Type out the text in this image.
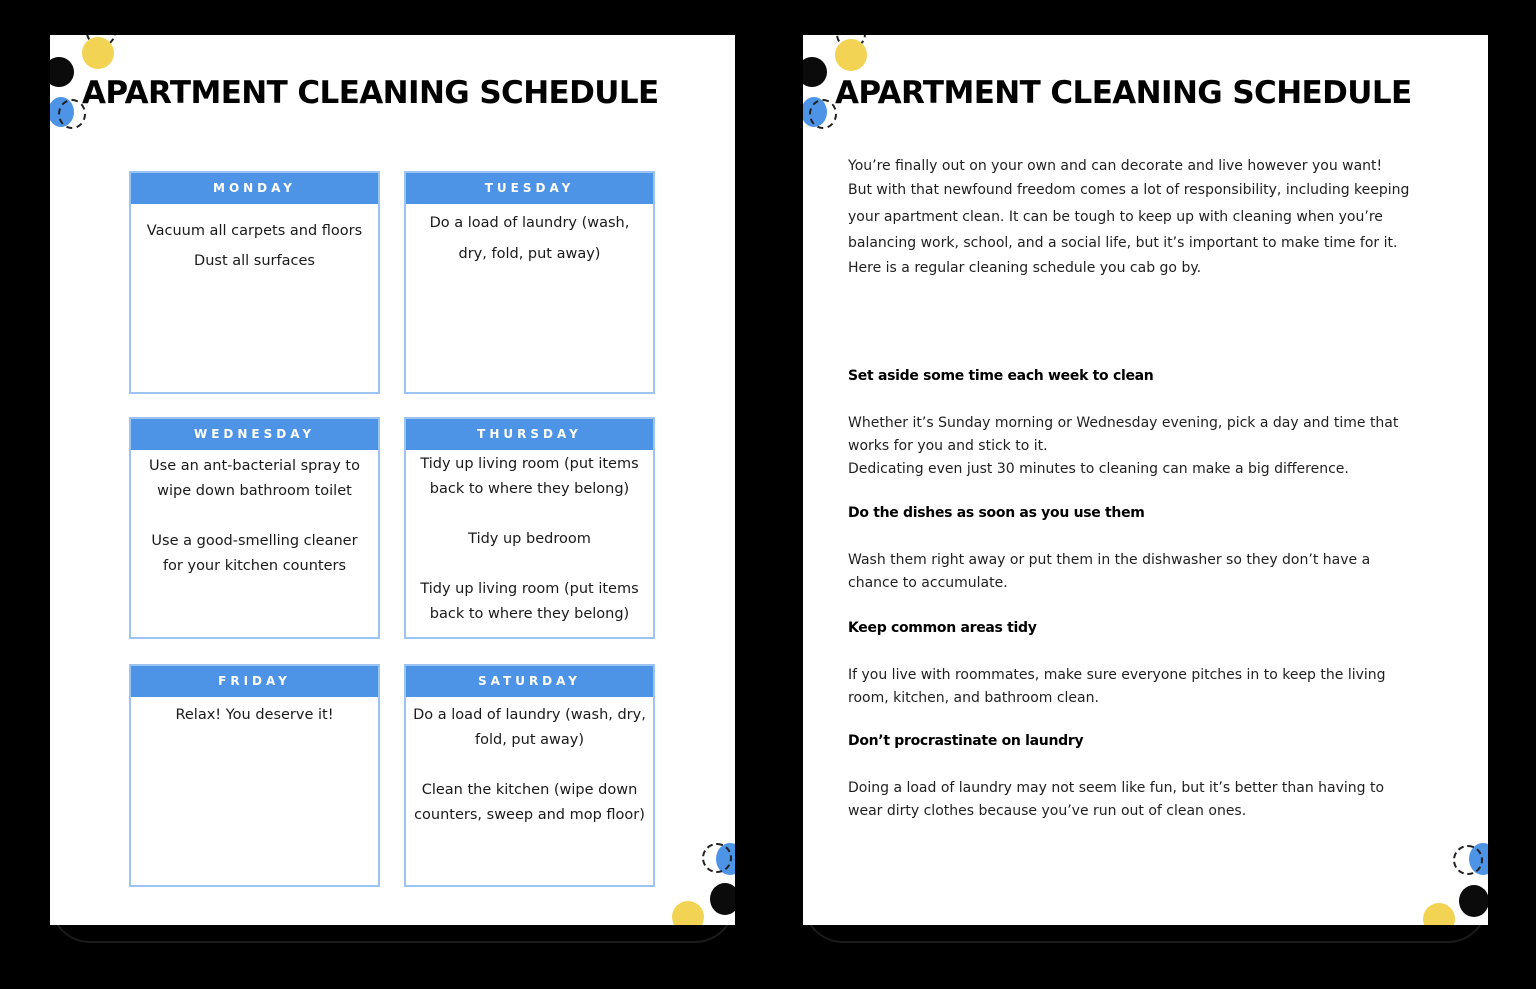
APARTMENT CLEANING SCHEDULE
MONDAY
Vacuum all carpets and floors
Dust all surfaces
TUESDAY
Do a load of laundry (wash, dry, fold, put away)
WEDNESDAY
Use an ant-bacterial spray to wipe down bathroom toilet
Use a good-smelling cleaner for your kitchen counters
THURSDAY
Tidy up living room (put items back to where they belong)
Tidy up bedroom
Tidy up living room (put items back to where they belong)
FRIDAY
Relax! You deserve it!
SATURDAY
Do a load of laundry (wash, dry, fold, put away)
Clean the kitchen (wipe down counters, sweep and mop floor)
APARTMENT CLEANING SCHEDULE

You’re finally out on your own and can decorate and live however you want!

But with that newfound freedom comes a lot of responsibility, including keeping your apartment clean. It can be tough to keep up with cleaning when you’re balancing work, school, and a social life, but it’s important to make time for it.

Here is a regular cleaning schedule you cab go by.

Set aside some time each week to clean

Whether it’s Sunday morning or Wednesday evening, pick a day and time that works for you and stick to it.

Dedicating even just 30 minutes to cleaning can make a big difference.

Do the dishes as soon as you use them

Wash them right away or put them in the dishwasher so they don’t have a chance to accumulate.

Keep common areas tidy

If you live with roommates, make sure everyone pitches in to keep the living room, kitchen, and bathroom clean.

Don’t procrastinate on laundry

Doing a load of laundry may not seem like fun, but it’s better than having to wear dirty clothes because you’ve run out of clean ones.
